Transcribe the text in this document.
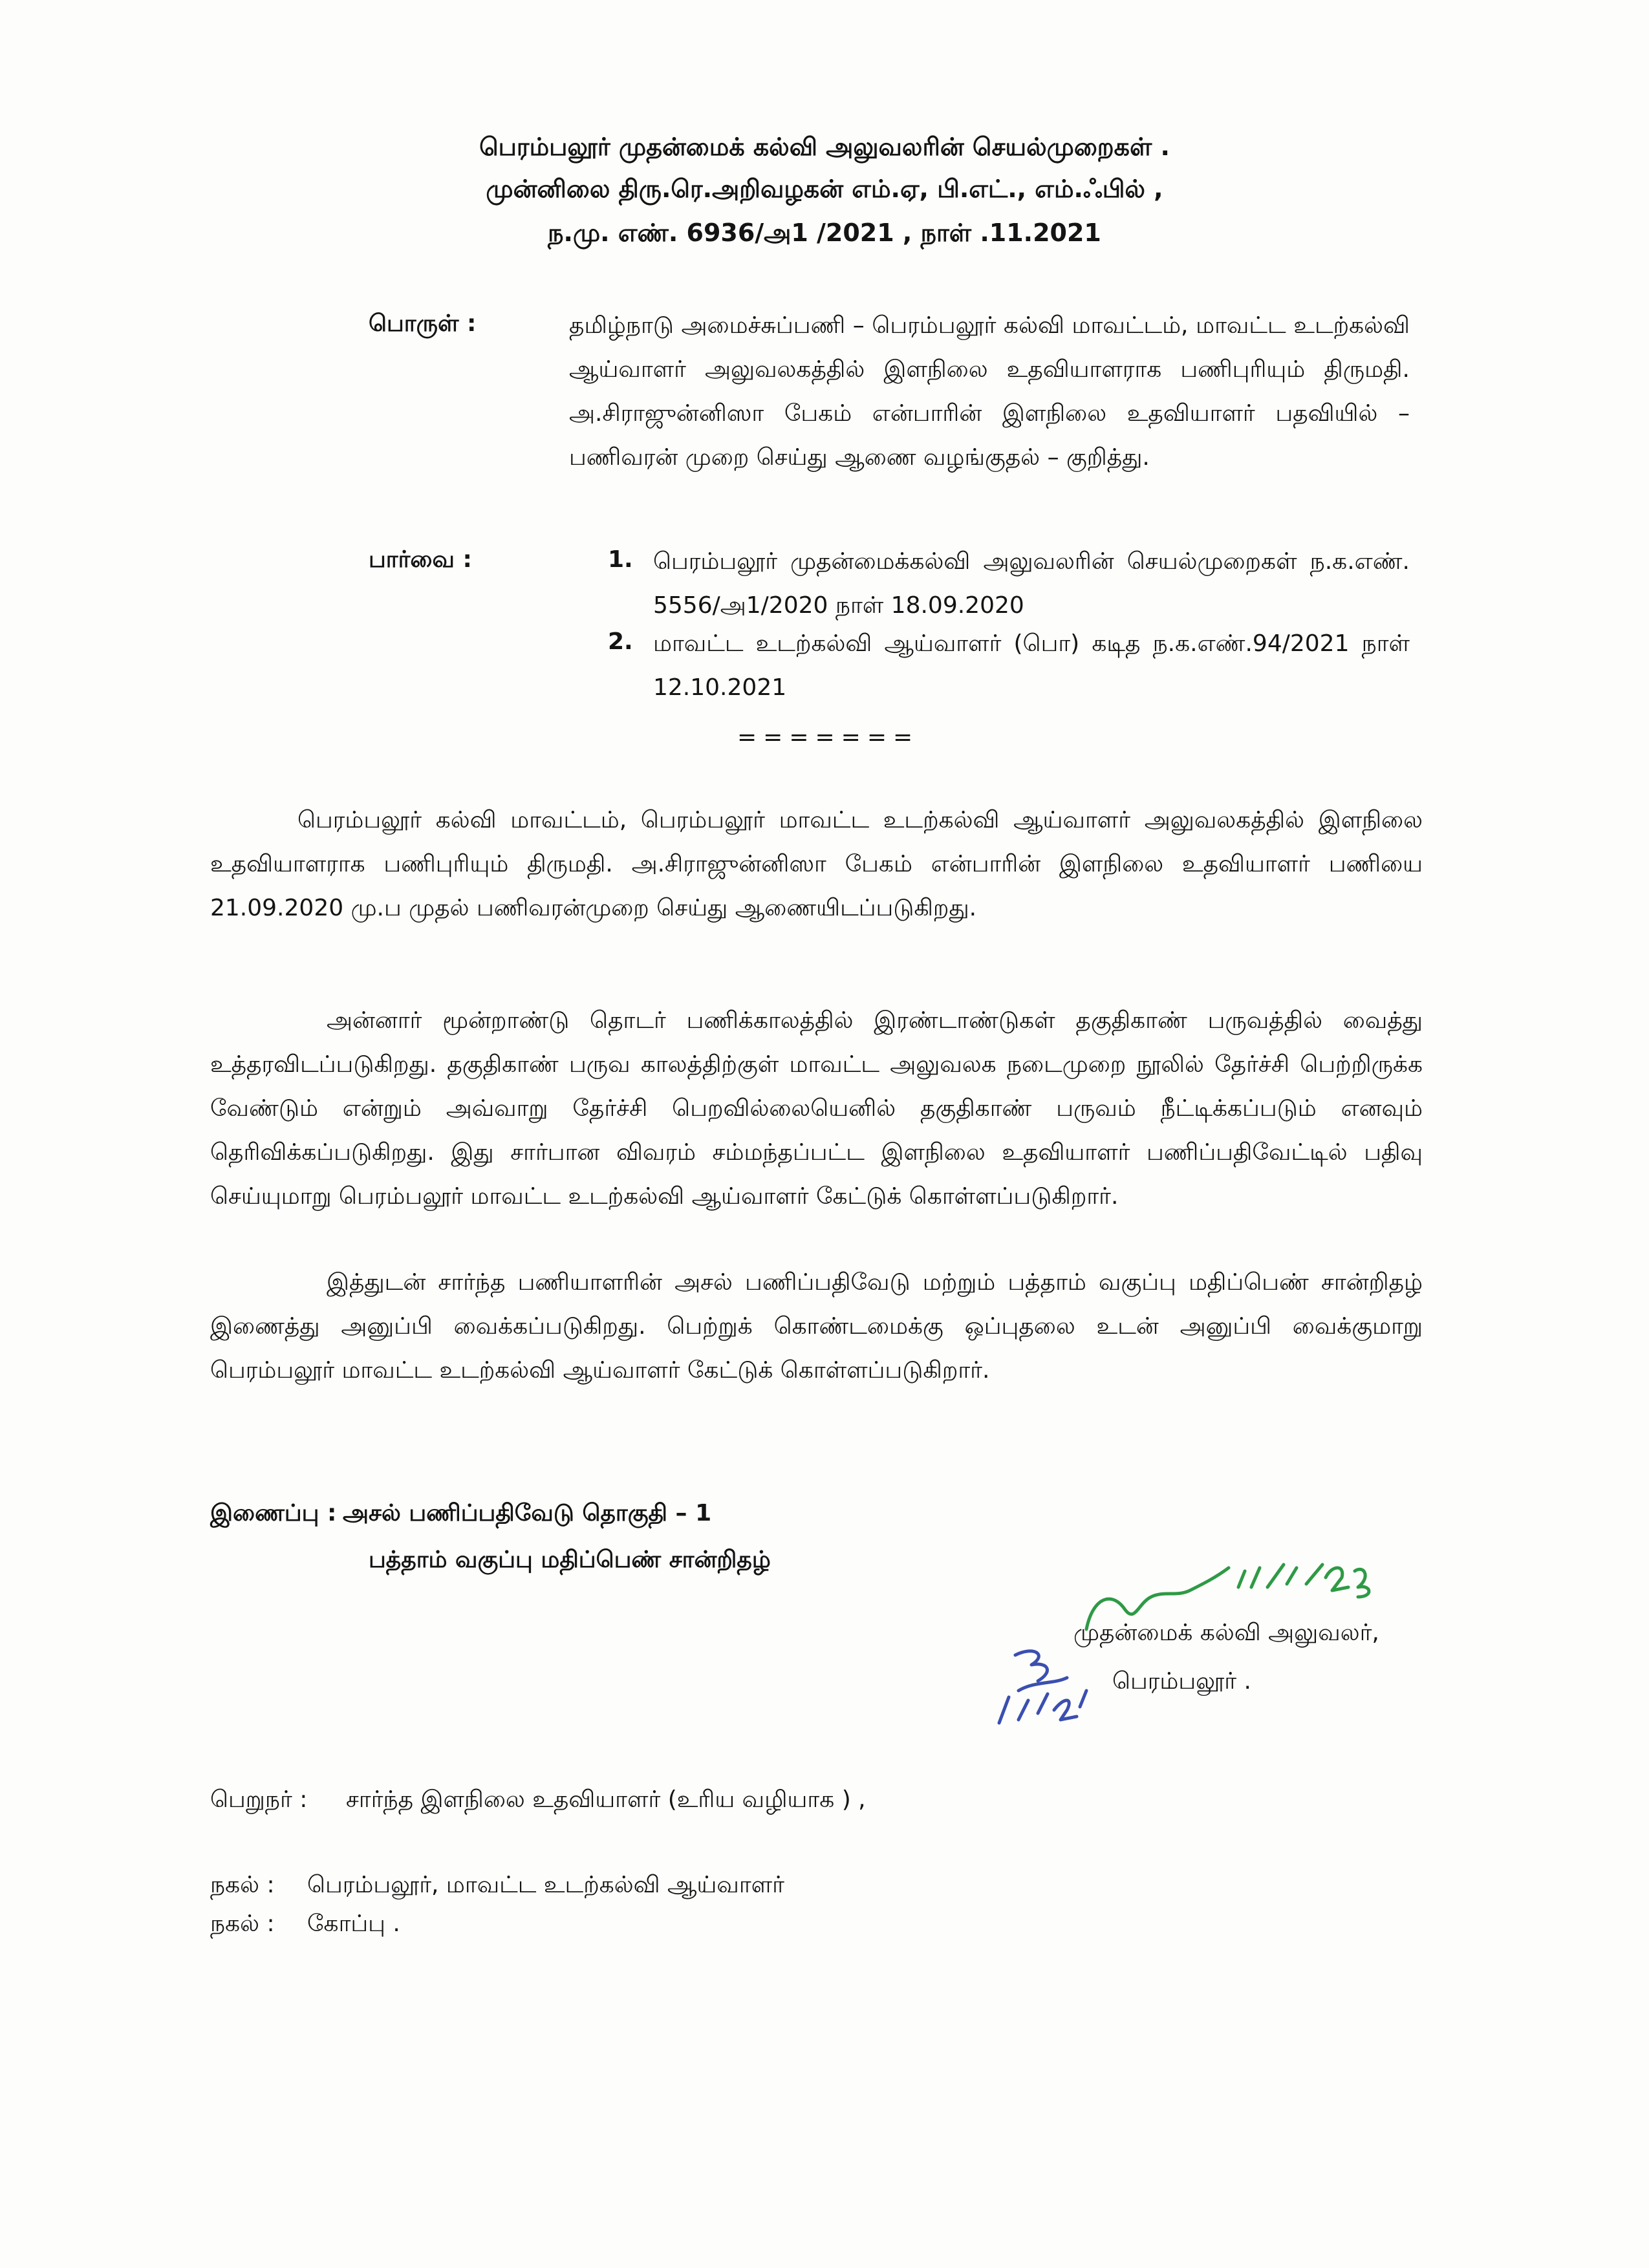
பெரம்பலூர் முதன்மைக் கல்வி அலுவலரின் செயல்முறைகள் .
முன்னிலை திரு.ரெ.அறிவழகன் எம்.ஏ, பி.எட்., எம்.ஃபில் ,
ந.மு. எண். 6936/அ1 /2021 , நாள் .11.2021
பொருள் :	தமிழ்நாடு அமைச்சுப்பணி – பெரம்பலூர் கல்வி மாவட்டம், மாவட்ட உடற்கல்வி ஆய்வாளர் அலுவலகத்தில் இளநிலை உதவியாளராக பணிபுரியும் திருமதி. அ.சிராஜுன்னிஸா பேகம் என்பாரின் இளநிலை உதவியாளர் பதவியில் – பணிவரன் முறை செய்து ஆணை வழங்குதல் – குறித்து.
பார்வை :	1. பெரம்பலூர் முதன்மைக்கல்வி அலுவலரின் செயல்முறைகள் ந.க.எண். 5556/அ1/2020 நாள் 18.09.2020
2. மாவட்ட உடற்கல்வி ஆய்வாளர் (பொ) கடித ந.க.எண்.94/2021 நாள் 12.10.2021
=======
பெரம்பலூர் கல்வி மாவட்டம், பெரம்பலூர் மாவட்ட உடற்கல்வி ஆய்வாளர் அலுவலகத்தில் இளநிலை உதவியாளராக பணிபுரியும் திருமதி. அ.சிராஜுன்னிஸா பேகம் என்பாரின் இளநிலை உதவியாளர் பணியை 21.09.2020 மு.ப முதல் பணிவரன்முறை செய்து ஆணையிடப்படுகிறது.
அன்னார் மூன்றாண்டு தொடர் பணிக்காலத்தில் இரண்டாண்டுகள் தகுதிகாண் பருவத்தில் வைத்து உத்தரவிடப்படுகிறது. தகுதிகாண் பருவ காலத்திற்குள் மாவட்ட அலுவலக நடைமுறை நூலில் தேர்ச்சி பெற்றிருக்க வேண்டும் என்றும் அவ்வாறு தேர்ச்சி பெறவில்லையெனில் தகுதிகாண் பருவம் நீட்டிக்கப்படும் எனவும் தெரிவிக்கப்படுகிறது. இது சார்பான விவரம் சம்மந்தப்பட்ட இளநிலை உதவியாளர் பணிப்பதிவேட்டில் பதிவு செய்யுமாறு பெரம்பலூர் மாவட்ட உடற்கல்வி ஆய்வாளர் கேட்டுக் கொள்ளப்படுகிறார்.
இத்துடன் சார்ந்த பணியாளரின் அசல் பணிப்பதிவேடு மற்றும் பத்தாம் வகுப்பு மதிப்பெண் சான்றிதழ் இணைத்து அனுப்பி வைக்கப்படுகிறது. பெற்றுக் கொண்டமைக்கு ஒப்புதலை உடன் அனுப்பி வைக்குமாறு பெரம்பலூர் மாவட்ட உடற்கல்வி ஆய்வாளர் கேட்டுக் கொள்ளப்படுகிறார்.
இணைப்பு : அசல் பணிப்பதிவேடு தொகுதி – 1
பத்தாம் வகுப்பு மதிப்பெண் சான்றிதழ்
முதன்மைக் கல்வி அலுவலர்,
பெரம்பலூர் .
பெறுநர் : சார்ந்த இளநிலை உதவியாளர் (உரிய வழியாக ) ,
நகல் : பெரம்பலூர், மாவட்ட உடற்கல்வி ஆய்வாளர்
நகல் : கோப்பு .
